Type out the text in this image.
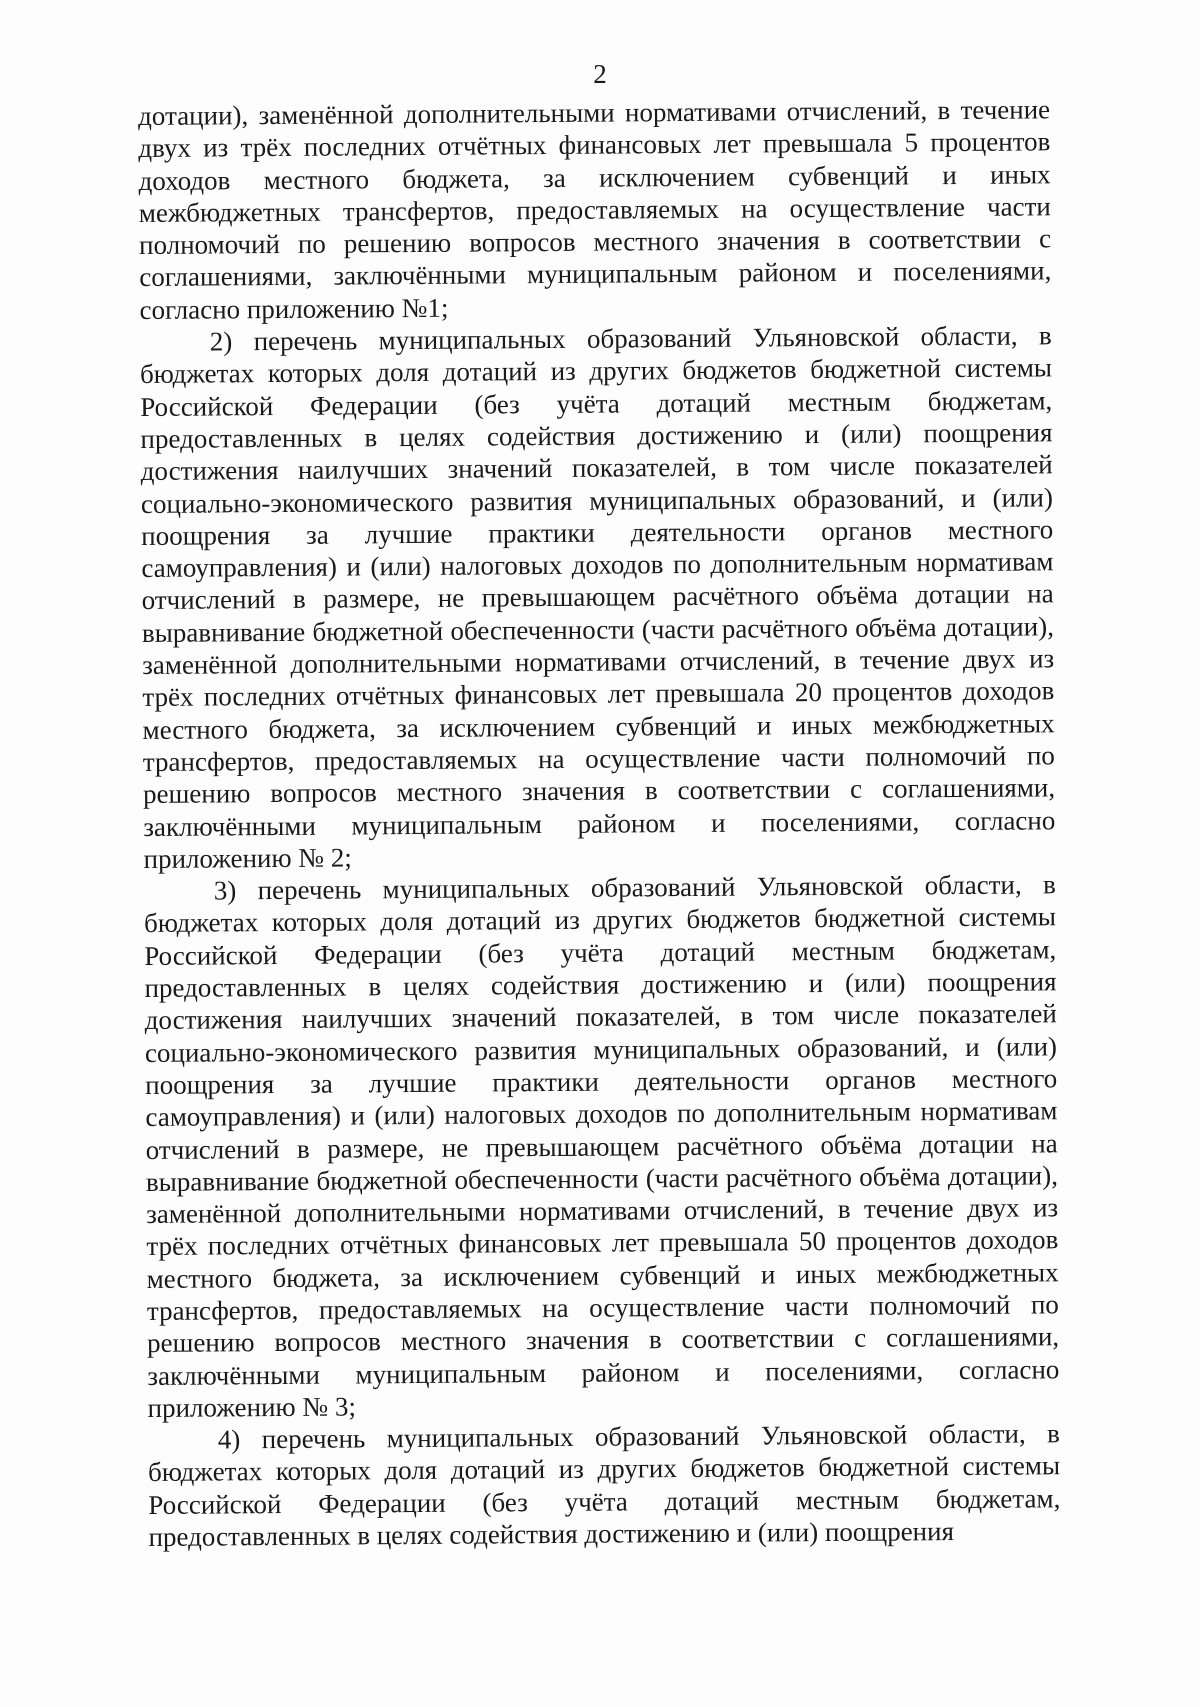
2

дотации), заменённой дополнительными нормативами отчислений, в течение двух из трёх последних отчётных финансовых лет превышала 5 процентов доходов местного бюджета, за исключением субвенций и иных межбюджетных трансфертов, предоставляемых на осуществление части полномочий по решению вопросов местного значения в соответствии с соглашениями, заключёнными муниципальным районом и поселениями, согласно приложению №1;

2) перечень муниципальных образований Ульяновской области, в бюджетах которых доля дотаций из других бюджетов бюджетной системы Российской Федерации (без учёта дотаций местным бюджетам, предоставленных в целях содействия достижению и (или) поощрения достижения наилучших значений показателей, в том числе показателей социально-экономического развития муниципальных образований, и (или) поощрения за лучшие практики деятельности органов местного самоуправления) и (или) налоговых доходов по дополнительным нормативам отчислений в размере, не превышающем расчётного объёма дотации на выравнивание бюджетной обеспеченности (части расчётного объёма дотации), заменённой дополнительными нормативами отчислений, в течение двух из трёх последних отчётных финансовых лет превышала 20 процентов доходов местного бюджета, за исключением субвенций и иных межбюджетных трансфертов, предоставляемых на осуществление части полномочий по решению вопросов местного значения в соответствии с соглашениями, заключёнными муниципальным районом и поселениями, согласно приложению № 2;

3) перечень муниципальных образований Ульяновской области, в бюджетах которых доля дотаций из других бюджетов бюджетной системы Российской Федерации (без учёта дотаций местным бюджетам, предоставленных в целях содействия достижению и (или) поощрения достижения наилучших значений показателей, в том числе показателей социально-экономического развития муниципальных образований, и (или) поощрения за лучшие практики деятельности органов местного самоуправления) и (или) налоговых доходов по дополнительным нормативам отчислений в размере, не превышающем расчётного объёма дотации на выравнивание бюджетной обеспеченности (части расчётного объёма дотации), заменённой дополнительными нормативами отчислений, в течение двух из трёх последних отчётных финансовых лет превышала 50 процентов доходов местного бюджета, за исключением субвенций и иных межбюджетных трансфертов, предоставляемых на осуществление части полномочий по решению вопросов местного значения в соответствии с соглашениями, заключёнными муниципальным районом и поселениями, согласно приложению № 3;

4) перечень муниципальных образований Ульяновской области, в бюджетах которых доля дотаций из других бюджетов бюджетной системы Российской Федерации (без учёта дотаций местным бюджетам, предоставленных в целях содействия достижению и (или) поощрения
